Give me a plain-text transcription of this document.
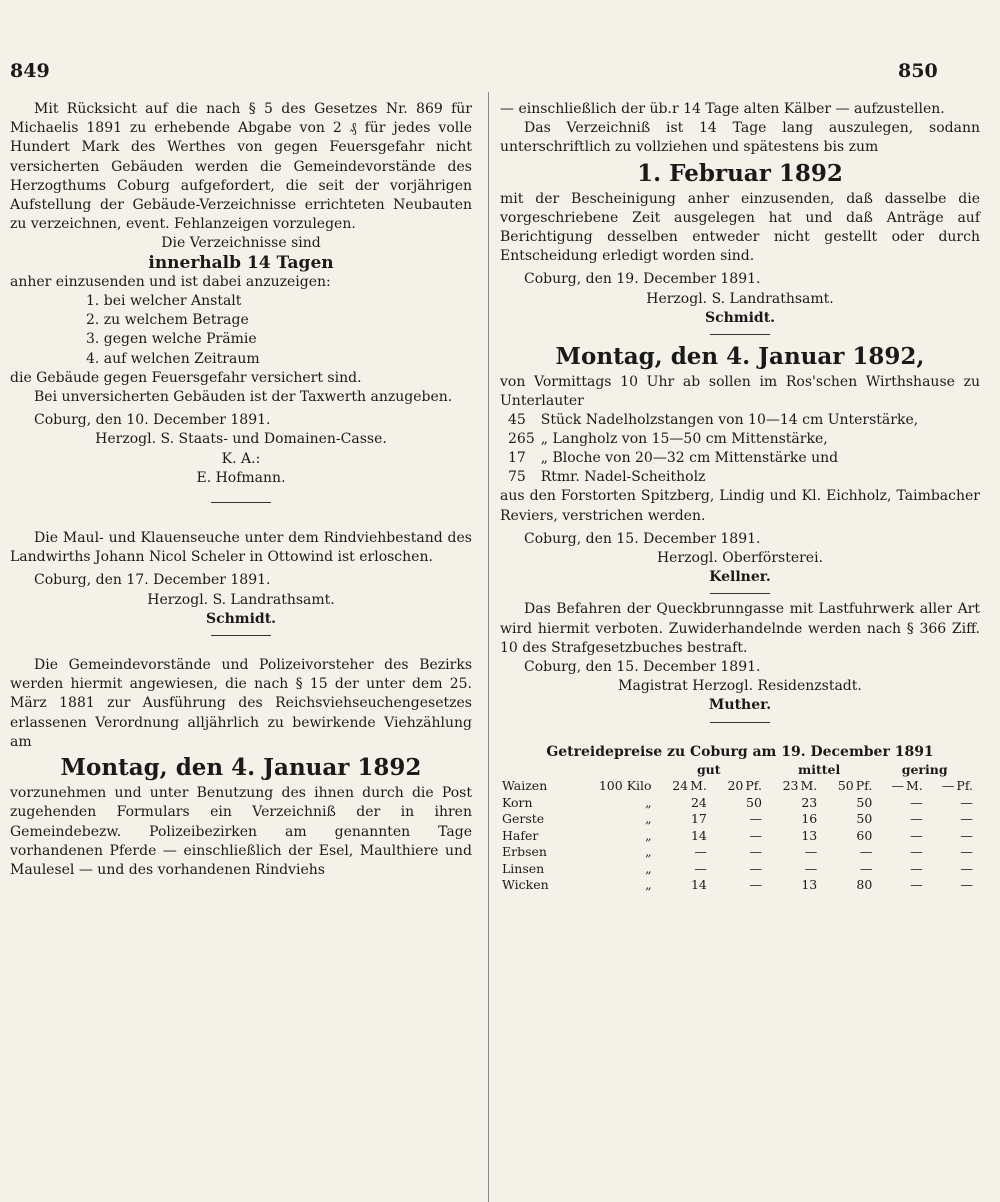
849	850

Mit Rücksicht auf die nach § 5 des Gesetzes Nr. 869 für Michaelis 1891 zu erhebende Abgabe von 2 ₰ für jedes volle Hundert Mark des Werthes von gegen Feuersgefahr nicht versicherten Gebäuden werden die Gemeindevorstände des Herzogthums Coburg aufgefordert, die seit der vorjährigen Aufstellung der Gebäude-Verzeichnisse errichteten Neubauten zu verzeichnen, event. Fehlanzeigen vorzulegen.

Die Verzeichnisse sind

innerhalb 14 Tagen

anher einzusenden und ist dabei anzuzeigen:

1. bei welcher Anstalt
2. zu welchem Betrage
3. gegen welche Prämie
4. auf welchen Zeitraum

die Gebäude gegen Feuersgefahr versichert sind.

Bei unversicherten Gebäuden ist der Taxwerth anzugeben.

Coburg, den 10. December 1891.

Herzogl. S. Staats- und Domainen-Casse.

K. A.:

E. Hofmann.

Die Maul- und Klauenseuche unter dem Rindviehbestand des Landwirths Johann Nicol Scheler in Ottowind ist erloschen.

Coburg, den 17. December 1891.

Herzogl. S. Landrathsamt.

Schmidt.

Die Gemeindevorstände und Polizeivorsteher des Bezirks werden hiermit angewiesen, die nach § 15 der unter dem 25. März 1881 zur Ausführung des Reichsviehseuchengesetzes erlassenen Verordnung alljährlich zu bewirkende Viehzählung am

Montag, den 4. Januar 1892

vorzunehmen und unter Benutzung des ihnen durch die Post zugehenden Formulars ein Verzeichniß der in ihren Gemeindebezw. Polizeibezirken am genannten Tage vorhandenen Pferde — einschließlich der Esel, Maulthiere und Maulesel — und des vorhandenen Rindviehs

— einschließlich der üb.r 14 Tage alten Kälber — aufzustellen.

Das Verzeichniß ist 14 Tage lang auszulegen, sodann unterschriftlich zu vollziehen und spätestens bis zum

1. Februar 1892

mit der Bescheinigung anher einzusenden, daß dasselbe die vorgeschriebene Zeit ausgelegen hat und daß Anträge auf Berichtigung desselben entweder nicht gestellt oder durch Entscheidung erledigt worden sind.

Coburg, den 19. December 1891.

Herzogl. S. Landrathsamt.

Schmidt.

Montag, den 4. Januar 1892,

von Vormittags 10 Uhr ab sollen im Ros'schen Wirthshause zu Unterlauter

45	Stück Nadelholzstangen von 10—14 cm Unterstärke,
265	„ Langholz von 15—50 cm Mittenstärke,
17	„ Bloche von 20—32 cm Mittenstärke und
75	Rtmr. Nadel-Scheitholz

aus den Forstorten Spitzberg, Lindig und Kl. Eichholz, Taimbacher Reviers, verstrichen werden.

Coburg, den 15. December 1891.

Herzogl. Oberförsterei.

Kellner.

Das Befahren der Queckbrunngasse mit Lastfuhrwerk aller Art wird hiermit verboten. Zuwiderhandelnde werden nach § 366 Ziff. 10 des Strafgesetzbuches bestraft.

Coburg, den 15. December 1891.

Magistrat Herzogl. Residenzstadt.

Muther.

Getreidepreise zu Coburg am 19. December 1891

		gut		mittel		gering	
Waizen	100 Kilo	24 M.	20 Pf.	23 M.	50 Pf.	— M.	— Pf.
Korn	„	24	50	23	50	—	—
Gerste	„	17	—	16	50	—	—
Hafer	„	14	—	13	60	—	—
Erbsen	„	—	—	—	—	—	—
Linsen	„	—	—	—	—	—	—
Wicken	„	14	—	13	80	—	—
